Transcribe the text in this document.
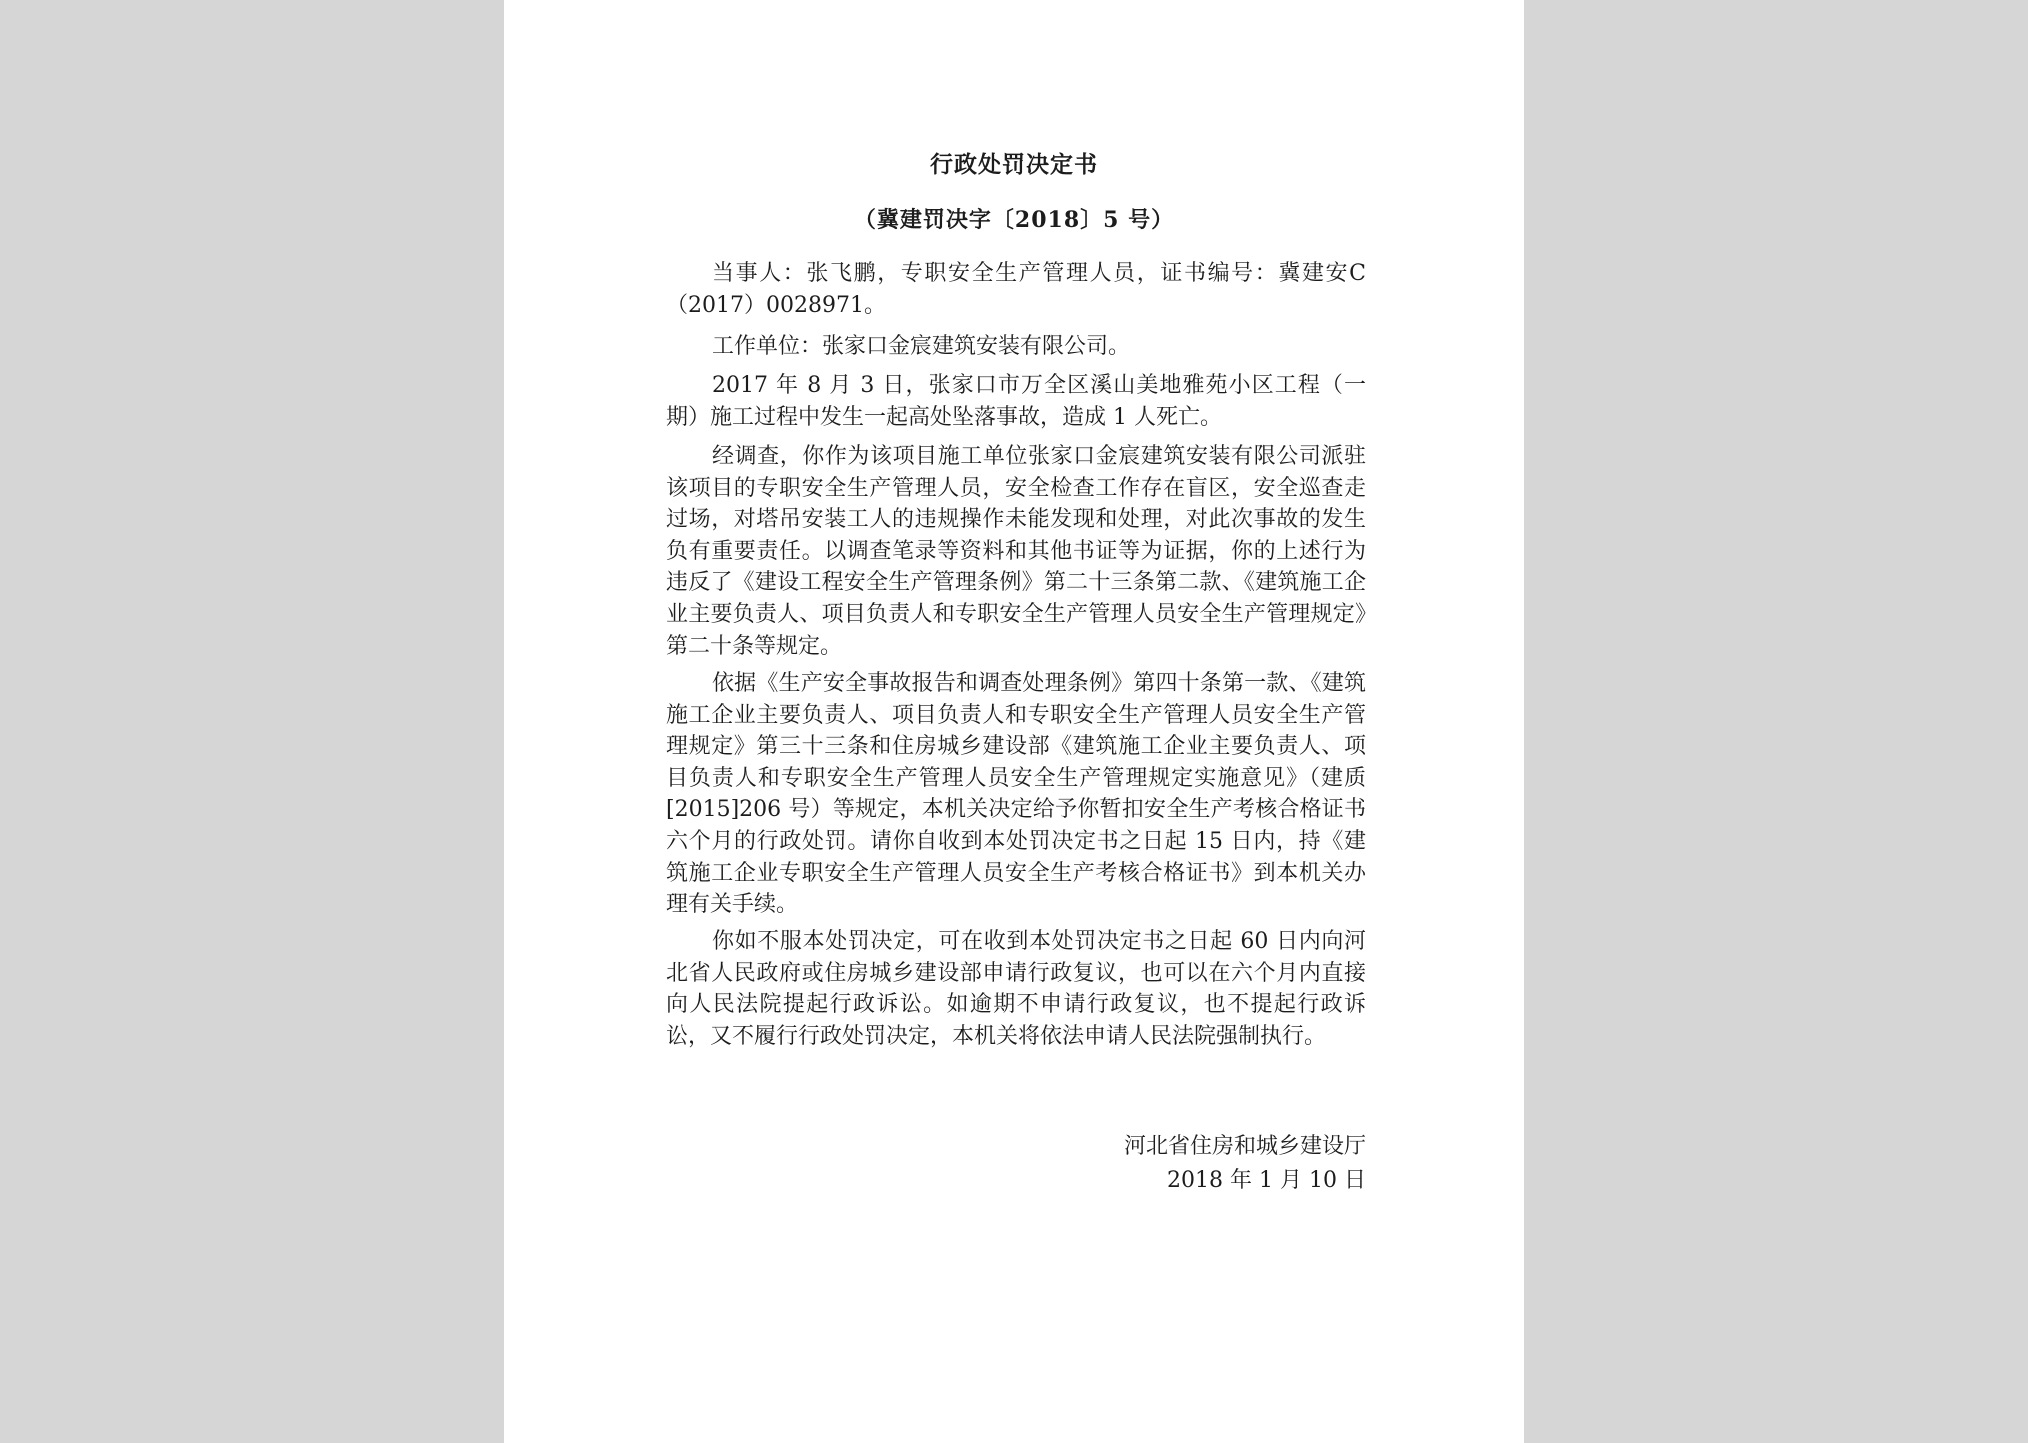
行政处罚决定书
（冀建罚决字〔2018〕5 号）

当事人：张飞鹏，专职安全生产管理人员，证书编号：冀建安C（2017）0028971。

工作单位：张家口金宸建筑安装有限公司。

2017 年 8 月 3 日，张家口市万全区溪山美地雅苑小区工程（一期）施工过程中发生一起高处坠落事故，造成 1 人死亡。

经调查，你作为该项目施工单位张家口金宸建筑安装有限公司派驻该项目的专职安全生产管理人员，安全检查工作存在盲区，安全巡查走过场，对塔吊安装工人的违规操作未能发现和处理，对此次事故的发生负有重要责任。以调查笔录等资料和其他书证等为证据，你的上述行为违反了《建设工程安全生产管理条例》第二十三条第二款、《建筑施工企业主要负责人、项目负责人和专职安全生产管理人员安全生产管理规定》第二十条等规定。

依据《生产安全事故报告和调查处理条例》第四十条第一款、《建筑施工企业主要负责人、项目负责人和专职安全生产管理人员安全生产管理规定》第三十三条和住房城乡建设部《建筑施工企业主要负责人、项目负责人和专职安全生产管理人员安全生产管理规定实施意见》（建质[2015]206 号）等规定，本机关决定给予你暂扣安全生产考核合格证书六个月的行政处罚。请你自收到本处罚决定书之日起 15 日内，持《建筑施工企业专职安全生产管理人员安全生产考核合格证书》到本机关办理有关手续。

你如不服本处罚决定，可在收到本处罚决定书之日起 60 日内向河北省人民政府或住房城乡建设部申请行政复议，也可以在六个月内直接向人民法院提起行政诉讼。如逾期不申请行政复议，也不提起行政诉讼，又不履行行政处罚决定，本机关将依法申请人民法院强制执行。

河北省住房和城乡建设厅
2018 年 1 月 10 日
